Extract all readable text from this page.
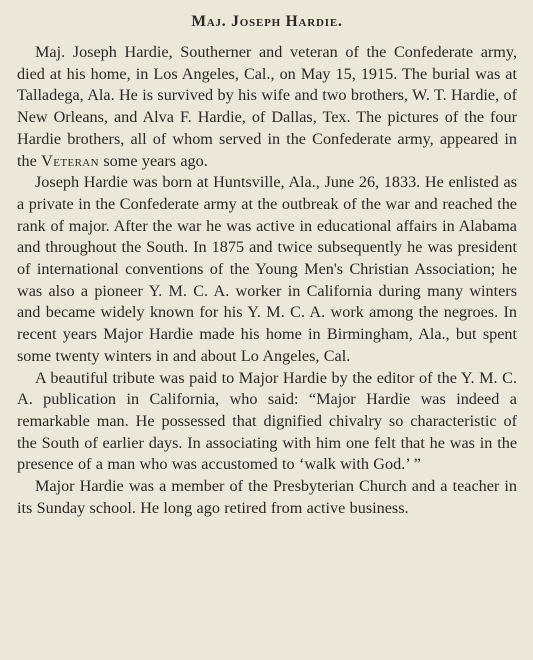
Maj. Joseph Hardie.

Maj. Joseph Hardie, Southerner and veteran of the Confederate army, died at his home, in Los Angeles, Cal., on May 15, 1915. The burial was at Talladega, Ala. He is survived by his wife and two brothers, W. T. Hardie, of New Orleans, and Alva F. Hardie, of Dallas, Tex. The pictures of the four Hardie brothers, all of whom served in the Confederate army, appeared in the Veteran some years ago.

Joseph Hardie was born at Huntsville, Ala., June 26, 1833. He enlisted as a private in the Confederate army at the outbreak of the war and reached the rank of major. After the war he was active in educational affairs in Alabama and throughout the South. In 1875 and twice subsequently he was president of international conventions of the Young Men's Christian Association; he was also a pioneer Y. M. C. A. worker in California during many winters and became widely known for his Y. M. C. A. work among the negroes. In recent years Major Hardie made his home in Birmingham, Ala., but spent some twenty winters in and about Lo Angeles, Cal.

A beautiful tribute was paid to Major Hardie by the editor of the Y. M. C. A. publication in California, who said: “Major Hardie was indeed a remarkable man. He possessed that dignified chivalry so characteristic of the South of earlier days. In associating with him one felt that he was in the presence of a man who was accustomed to ‘walk with God.’ ”

Major Hardie was a member of the Presbyterian Church and a teacher in its Sunday school. He long ago retired from active business.
